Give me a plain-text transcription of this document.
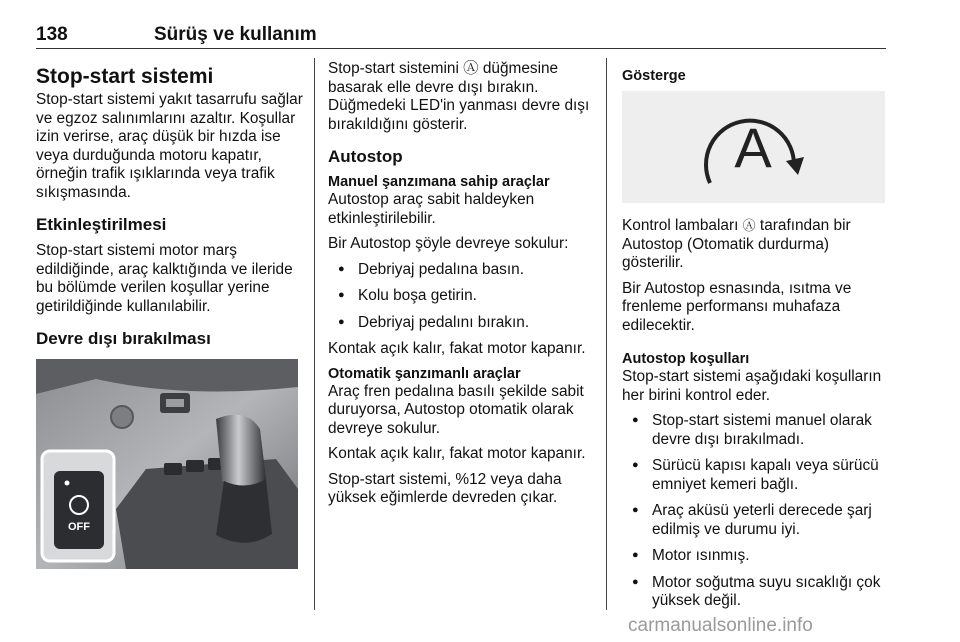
138	Sürüş ve kullanım
Stop-start sistemi

Stop-start sistemi yakıt tasarrufu sağlar ve egzoz salınımlarını azaltır. Koşullar izin verirse, araç düşük bir hızda ise veya durduğunda motoru kapatır, örneğin trafik ışıklarında veya trafik sıkışmasında.

Etkinleştirilmesi

Stop-start sistemi motor marş edildiğinde, araç kalktığında ve ileride bu bölümde verilen koşullar yerine getirildiğinde kullanılabilir.

Devre dışı bırakılması
OFF

Stop-start sistemini Ⓐ düğmesine basarak elle devre dışı bırakın. Düğmedeki LED'in yanması devre dışı bırakıldığını gösterir.

Autostop
Manuel şanzımana sahip araçlar

Autostop araç sabit haldeyken etkinleştirilebilir.

Bir Autostop şöyle devreye sokulur:

● Debriyaj pedalına basın.
● Kolu boşa getirin.
● Debriyaj pedalını bırakın.

Kontak açık kalır, fakat motor kapanır.

Otomatik şanzımanlı araçlar

Araç fren pedalına basılı şekilde sabit duruyorsa, Autostop otomatik olarak devreye sokulur.

Kontak açık kalır, fakat motor kapanır.

Stop-start sistemi, %12 veya daha yüksek eğimlerde devreden çıkar.

Gösterge
A

Kontrol lambaları Ⓐ tarafından bir Autostop (Otomatik durdurma) gösterilir.

Bir Autostop esnasında, ısıtma ve frenleme performansı muhafaza edilecektir.

Autostop koşulları

Stop-start sistemi aşağıdaki koşulların her birini kontrol eder.

● Stop-start sistemi manuel olarak devre dışı bırakılmadı.
● Sürücü kapısı kapalı veya sürücü emniyet kemeri bağlı.
● Araç aküsü yeterli derecede şarj edilmiş ve durumu iyi.
● Motor ısınmış.
● Motor soğutma suyu sıcaklığı çok yüksek değil.
carmanualsonline.info
